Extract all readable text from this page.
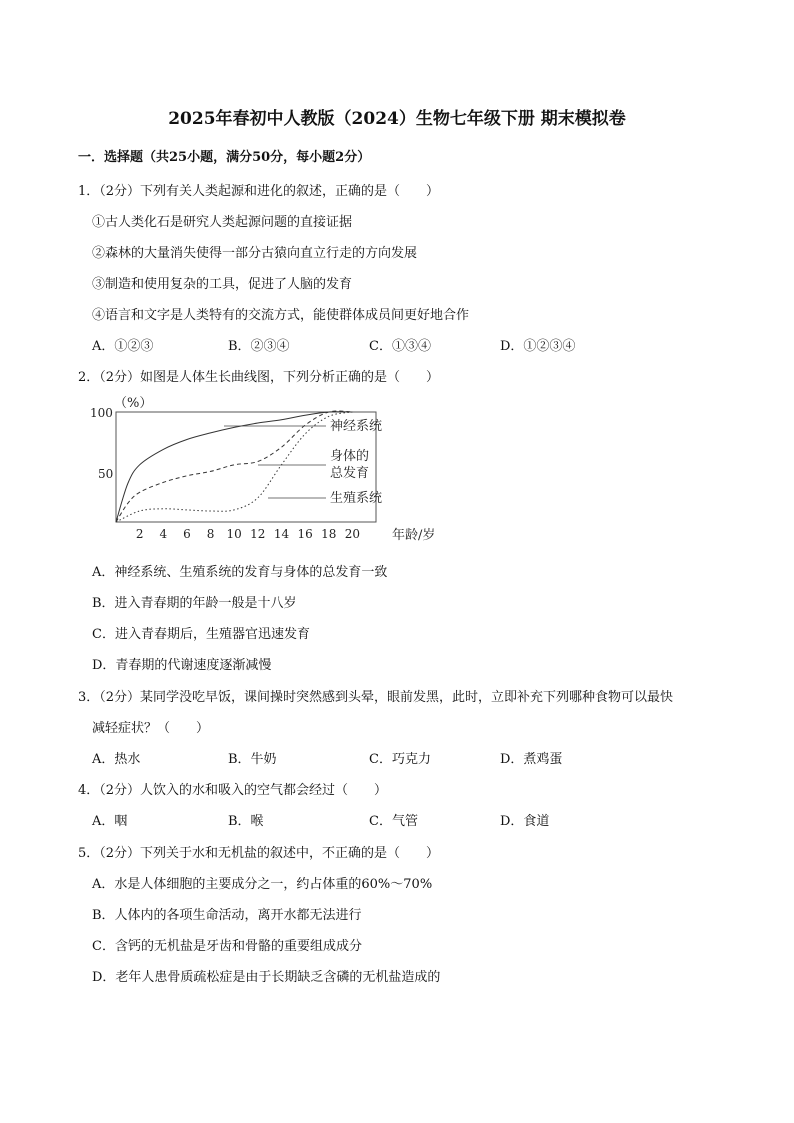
2025年春初中人教版（2024）生物七年级下册 期末模拟卷
一．选择题（共25小题，满分50分，每小题2分）
1．（2分）下列有关人类起源和进化的叙述，正确的是（　　）
①古人类化石是研究人类起源问题的直接证据
②森林的大量消失使得一部分古猿向直立行走的方向发展
③制造和使用复杂的工具，促进了人脑的发育
④语言和文字是人类特有的交流方式，能使群体成员间更好地合作
A．①②③	B．②③④	C．①③④	D．①②③④
2．（2分）如图是人体生长曲线图，下列分析正确的是（　　）
（%）
100
50
2 4 6 8 10 12 14 16 18 20 年龄/岁
神经系统
身体的
总发育
生殖系统
A．神经系统、生殖系统的发育与身体的总发育一致
B．进入青春期的年龄一般是十八岁
C．进入青春期后，生殖器官迅速发育
D．青春期的代谢速度逐渐减慢
3．（2分）某同学没吃早饭，课间操时突然感到头晕，眼前发黑，此时，立即补充下列哪种食物可以最快
减轻症状？（　　）
A．热水	B．牛奶	C．巧克力	D．煮鸡蛋
4．（2分）人饮入的水和吸入的空气都会经过（　　）
A．咽	B．喉	C．气管	D．食道
5．（2分）下列关于水和无机盐的叙述中，不正确的是（　　）
A．水是人体细胞的主要成分之一，约占体重的60%～70%
B．人体内的各项生命活动，离开水都无法进行
C．含钙的无机盐是牙齿和骨骼的重要组成成分
D．老年人患骨质疏松症是由于长期缺乏含磷的无机盐造成的
